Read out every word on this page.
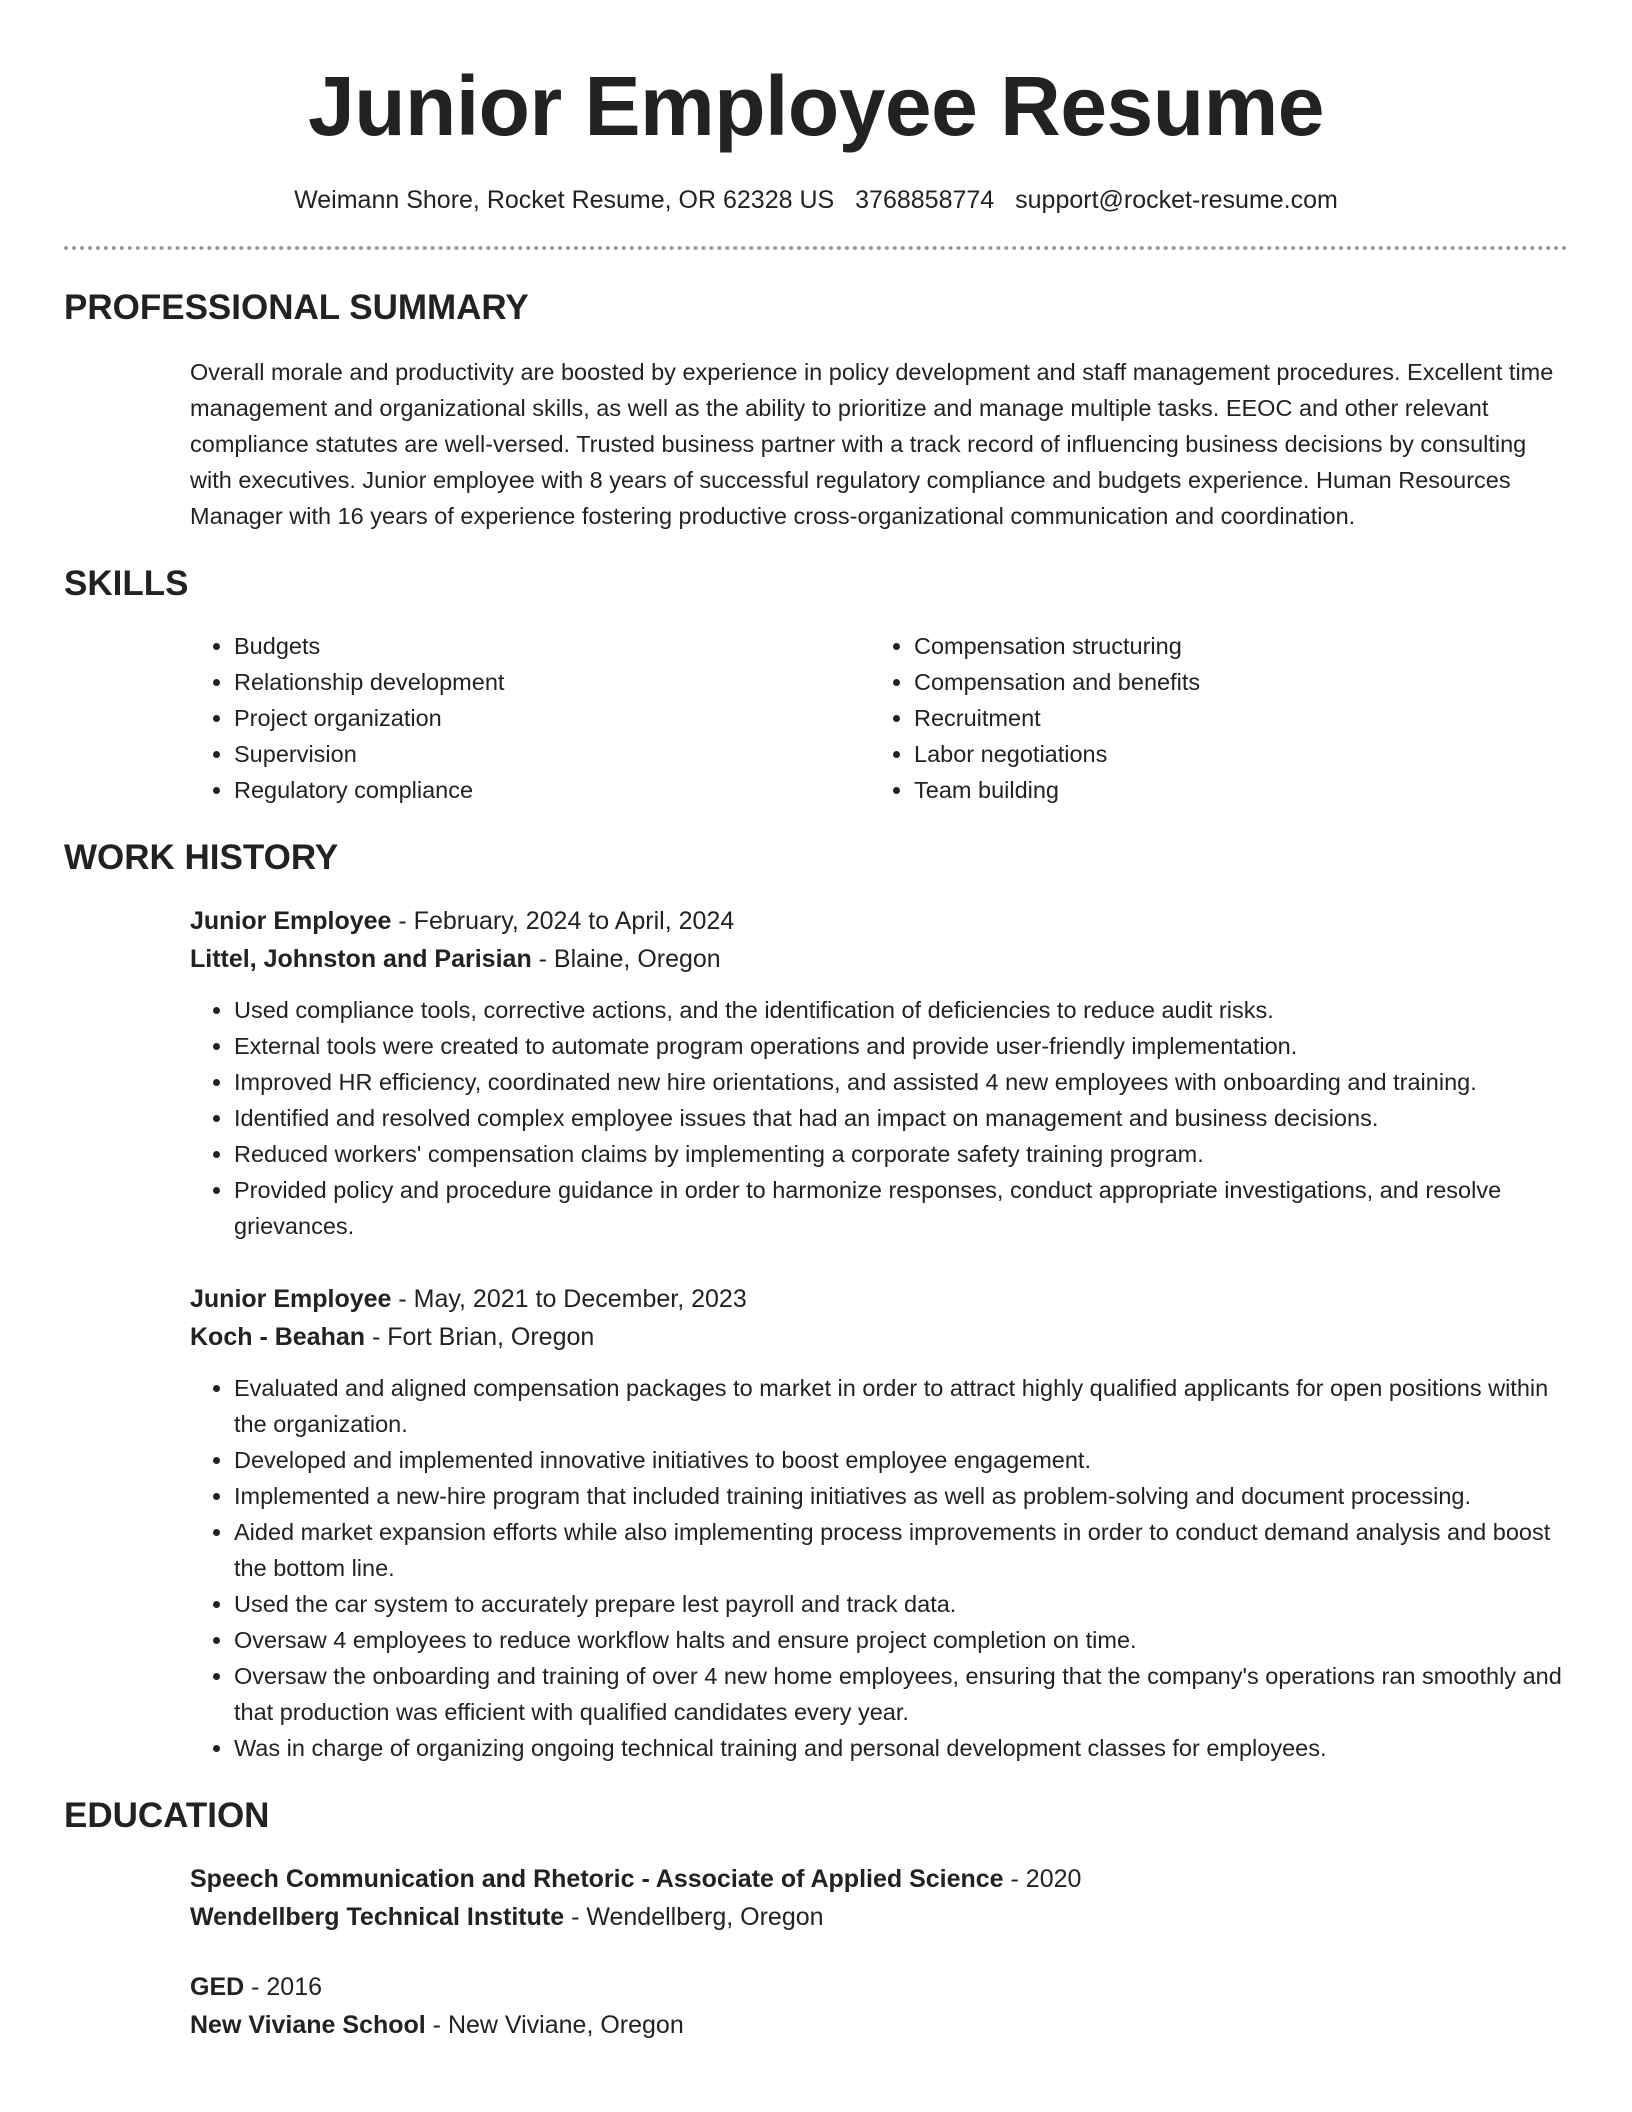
Junior Employee Resume
Weimann Shore, Rocket Resume, OR 62328 US 3768858774 support@rocket-resume.com
PROFESSIONAL SUMMARY
Overall morale and productivity are boosted by experience in policy development and staff management procedures. Excellent time management and organizational skills, as well as the ability to prioritize and manage multiple tasks. EEOC and other relevant compliance statutes are well-versed. Trusted business partner with a track record of influencing business decisions by consulting with executives. Junior employee with 8 years of successful regulatory compliance and budgets experience. Human Resources Manager with 16 years of experience fostering productive cross-organizational communication and coordination.
SKILLS
• Budgets
• Relationship development
• Project organization
• Supervision
• Regulatory compliance
• Compensation structuring
• Compensation and benefits
• Recruitment
• Labor negotiations
• Team building
WORK HISTORY
Junior Employee - February, 2024 to April, 2024
Littel, Johnston and Parisian - Blaine, Oregon
• Used compliance tools, corrective actions, and the identification of deficiencies to reduce audit risks.
• External tools were created to automate program operations and provide user-friendly implementation.
• Improved HR efficiency, coordinated new hire orientations, and assisted 4 new employees with onboarding and training.
• Identified and resolved complex employee issues that had an impact on management and business decisions.
• Reduced workers' compensation claims by implementing a corporate safety training program.
• Provided policy and procedure guidance in order to harmonize responses, conduct appropriate investigations, and resolve grievances.
Junior Employee - May, 2021 to December, 2023
Koch - Beahan - Fort Brian, Oregon
• Evaluated and aligned compensation packages to market in order to attract highly qualified applicants for open positions within the organization.
• Developed and implemented innovative initiatives to boost employee engagement.
• Implemented a new-hire program that included training initiatives as well as problem-solving and document processing.
• Aided market expansion efforts while also implementing process improvements in order to conduct demand analysis and boost the bottom line.
• Used the car system to accurately prepare lest payroll and track data.
• Oversaw 4 employees to reduce workflow halts and ensure project completion on time.
• Oversaw the onboarding and training of over 4 new home employees, ensuring that the company's operations ran smoothly and that production was efficient with qualified candidates every year.
• Was in charge of organizing ongoing technical training and personal development classes for employees.
EDUCATION
Speech Communication and Rhetoric - Associate of Applied Science - 2020
Wendellberg Technical Institute - Wendellberg, Oregon
GED - 2016
New Viviane School - New Viviane, Oregon
